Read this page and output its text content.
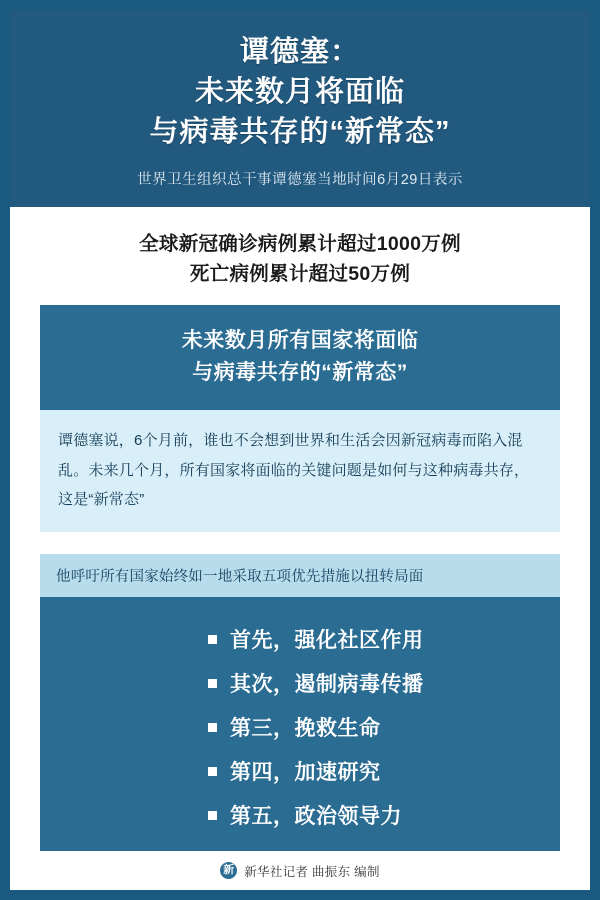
谭德塞：
未来数月将面临
与病毒共存的“新常态”
世界卫生组织总干事谭德塞当地时间6月29日表示
全球新冠确诊病例累计超过1000万例
死亡病例累计超过50万例
未来数月所有国家将面临
与病毒共存的“新常态”
谭德塞说，6个月前，谁也不会想到世界和生活会因新冠病毒而陷入混乱。未来几个月，所有国家将面临的关键问题是如何与这种病毒共存，这是“新常态”
他呼吁所有国家始终如一地采取五项优先措施以扭转局面
首先，强化社区作用
其次，遏制病毒传播
第三，挽救生命
第四，加速研究
第五，政治领导力
新 新华社记者 曲振东 编制
